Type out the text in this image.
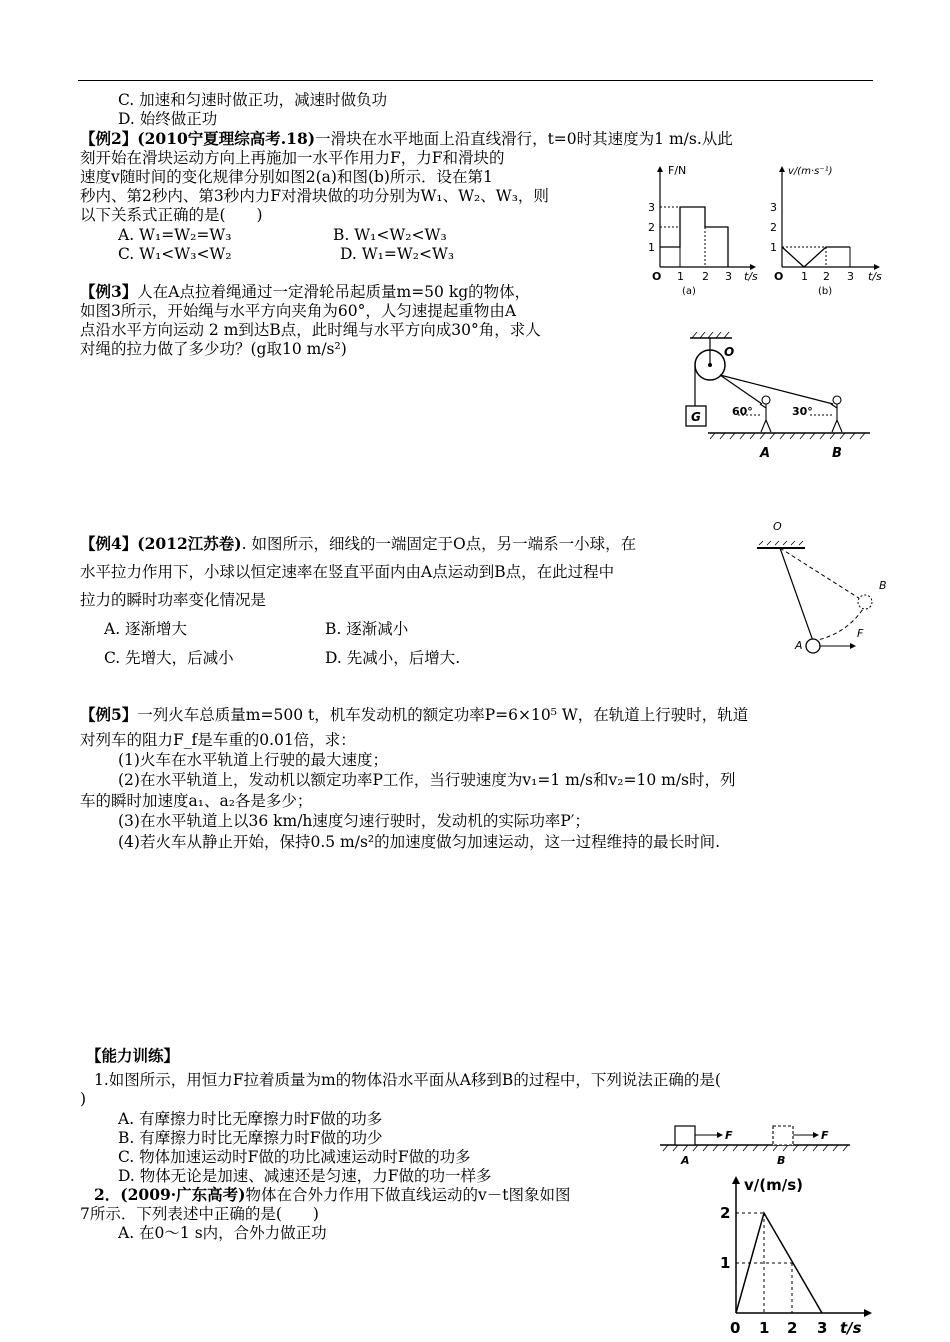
C. 加速和匀速时做正功，减速时做负功
D. 始终做正功
【例2】(2010宁夏理综高考.18)一滑块在水平地面上沿直线滑行，t=0时其速度为1 m/s.从此
刻开始在滑块运动方向上再施加一水平作用力F，力F和滑块的
速度v随时间的变化规律分别如图2(a)和图(b)所示．设在第1
秒内、第2秒内、第3秒内力F对滑块做的功分别为W₁、W₂、W₃，则
以下关系式正确的是(　　)
A. W₁=W₂=W₃	B. W₁<W₂<W₃
C. W₁<W₃<W₂	D. W₁=W₂<W₃
F/N
1
2
3
O 1 2 3 t/s
(a)
v/(m·s⁻¹)
1
2
3
O 1 2 3 t/s
(b)
【例3】人在A点拉着绳通过一定滑轮吊起质量m=50 kg的物体，
如图3所示，开始绳与水平方向夹角为60°，人匀速提起重物由A
点沿水平方向运动 2 m到达B点，此时绳与水平方向成30°角，求人
对绳的拉力做了多少功？(g取10 m/s²)	O
G	60°	30°
A	B
【例4】(2012江苏卷). 如图所示，细线的一端固定于O点，另一端系一小球，在
水平拉力作用下，小球以恒定速率在竖直平面内由A点运动到B点，在此过程中
拉力的瞬时功率变化情况是
A. 逐渐增大	B. 逐渐减小
C. 先增大，后减小	D. 先减小，后增大.
O
A
B
F
【例5】一列火车总质量m=500 t，机车发动机的额定功率P=6×10⁵ W，在轨道上行驶时，轨道
对列车的阻力F_f是车重的0.01倍，求：
(1)火车在水平轨道上行驶的最大速度；
(2)在水平轨道上，发动机以额定功率P工作，当行驶速度为v₁=1 m/s和v₂=10 m/s时，列
车的瞬时加速度a₁、a₂各是多少；
(3)在水平轨道上以36 km/h速度匀速行驶时，发动机的实际功率P′；
(4)若火车从静止开始，保持0.5 m/s²的加速度做匀加速运动，这一过程维持的最长时间.
【能力训练】
1.如图所示，用恒力F拉着质量为m的物体沿水平面从A移到B的过程中，下列说法正确的是(
)
A. 有摩擦力时比无摩擦力时F做的功多
B. 有摩擦力时比无摩擦力时F做的功少
C. 物体加速运动时F做的功比减速运动时F做的功多
D. 物体无论是加速、减速还是匀速，力F做的功一样多
F	F
A	B
2．(2009·广东高考)物体在合外力作用下做直线运动的v－t图象如图
7所示．下列表述中正确的是(　　)
A. 在0～1 s内，合外力做正功
v/(m/s)
2
1
0 1 2 3 t/s
